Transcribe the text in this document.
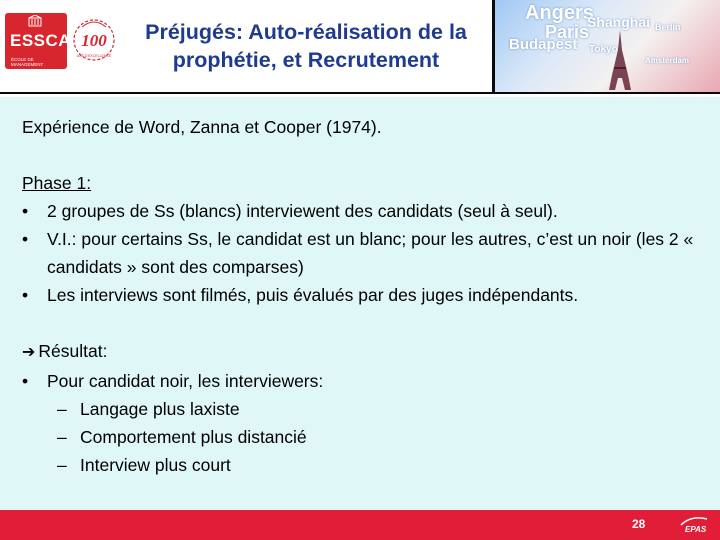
ESSCA
ÉCOLE DE MANAGEMENT
100
ANS D'EXCELLENCE
Préjugés: Auto-réalisation de la
prophétie, et Recrutement
Angers
Shanghai
Paris
Budapest Tokyo
Amsterdam
Berlin

Expérience de Word, Zanna et Cooper (1974).

Phase 1:

• 2 groupes de Ss (blancs) interviewent des candidats (seul à seul).
• V.I.: pour certains Ss, le candidat est un blanc; pour les autres, c’est un noir (les 2 « candidats » sont des comparses)
• Les interviews sont filmés, puis évalués par des juges indépendants.

➔ Résultat:

• Pour candidat noir, les interviewers:
– Langage plus laxiste
– Comportement plus distancié
– Interview plus court
28	EPAS
